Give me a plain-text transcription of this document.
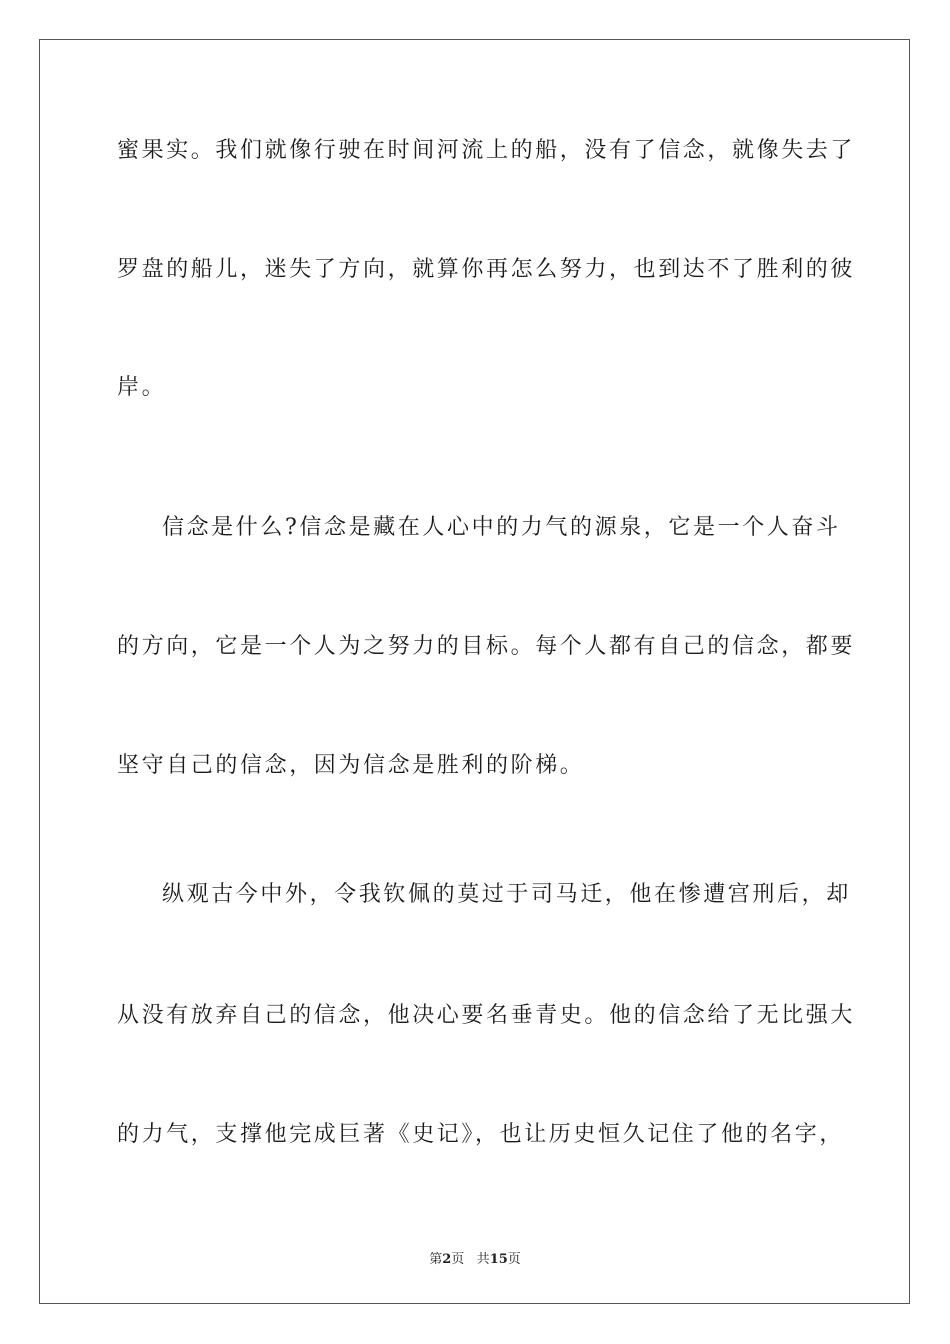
蜜果实。我们就像行驶在时间河流上的船，没有了信念，就像失去了
罗盘的船儿，迷失了方向，就算你再怎么努力，也到达不了胜利的彼
岸。
信念是什么?信念是藏在人心中的力气的源泉，它是一个人奋斗
的方向，它是一个人为之努力的目标。每个人都有自己的信念，都要
坚守自己的信念，因为信念是胜利的阶梯。
纵观古今中外，令我钦佩的莫过于司马迁，他在惨遭宫刑后，却
从没有放弃自己的信念，他决心要名垂青史。他的信念给了无比强大
的力气，支撑他完成巨著《史记》，也让历史恒久记住了他的名字，
第2页 共15页
